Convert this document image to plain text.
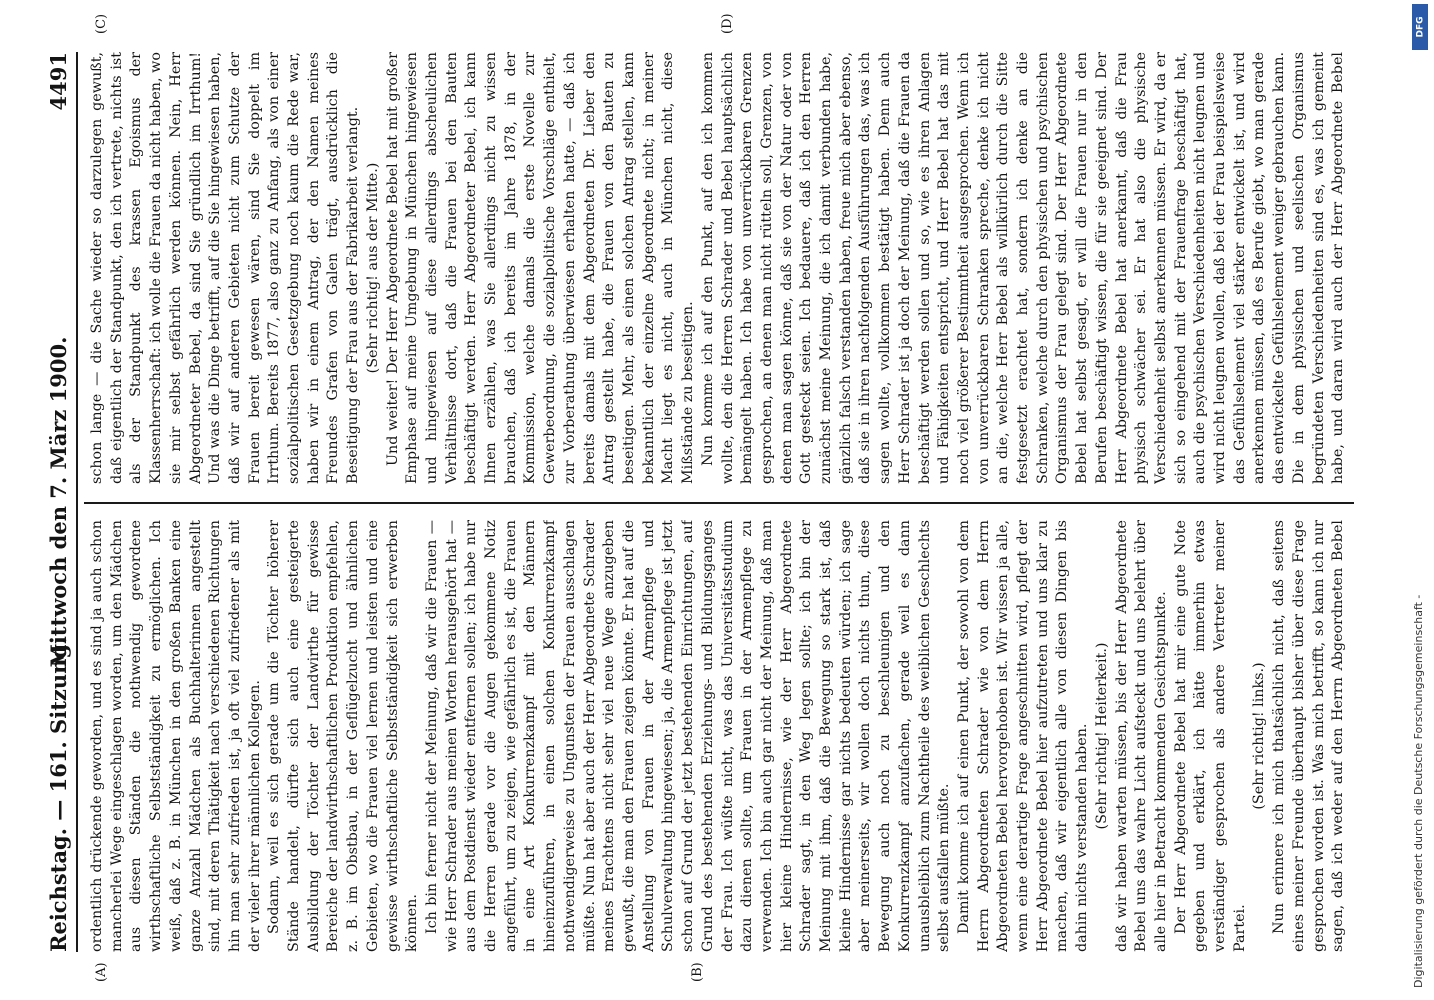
Reichstag. — 161. Sitzung.
Mittwoch den 7. März 1900.
4491
(A)	(B)
(C)	(D)

ordentlich drückende geworden, und es sind ja auch schon mancherlei Wege eingeschlagen worden, um den Mädchen aus diesen Ständen die nothwendig gewordene wirthschaftliche Selbstständigkeit zu ermöglichen. Ich weiß, daß z. B. in München in den großen Banken eine ganze Anzahl Mädchen als Buchhalterinnen angestellt sind, mit deren Thätigkeit nach verschiedenen Richtungen hin man sehr zufrieden ist, ja oft viel zufriedener als mit der vieler ihrer männlichen Kollegen. Sodann, weil es sich gerade um die Töchter höherer Stände handelt, dürfte sich auch eine gesteigerte Ausbildung der Töchter der Landwirthe für gewisse Bereiche der landwirthschaftlichen Produktion empfehlen, z. B. im Obstbau, in der Geflügelzucht und ähnlichen Gebieten, wo die Frauen viel lernen und leisten und eine gewisse wirthschaftliche Selbstständigkeit sich erwerben können. Ich bin ferner nicht der Meinung, daß wir die Frauen — wie Herr Schrader aus meinen Worten herausgehört hat — aus dem Postdienst wieder entfernen sollen; ich habe nur die Herren gerade vor die Augen gekommene Notiz angeführt, um zu zeigen, wie gefährlich es ist, die Frauen in eine Art Konkurrenzkampf mit den Männern hineinzuführen, in einen solchen Konkurrenzkampf nothwendigerweise zu Ungunsten der Frauen ausschlagen müßte. Nun hat aber auch der Herr Abgeordnete Schrader meines Erachtens nicht sehr viel neue Wege anzugeben gewußt, die man den Frauen zeigen könnte. Er hat auf die Anstellung von Frauen in der Armenpflege und Schulverwaltung hingewiesen; ja, die Armenpflege ist jetzt schon auf Grund der jetzt bestehenden Einrichtungen, auf Grund des bestehenden Erziehungs- und Bildungsganges der Frau. Ich wüßte nicht, was das Universitätsstudium dazu dienen sollte, um Frauen in der Armenpflege zu verwenden. Ich bin auch gar nicht der Meinung, daß man hier kleine Hindernisse, wie der Herr Abgeordnete Schrader sagt, in den Weg legen sollte; ich bin der Meinung mit ihm, daß die Bewegung so stark ist, daß kleine Hindernisse gar nichts bedeuten würden; ich sage aber meinerseits, wir wollen doch nichts thun, diese Bewegung auch noch zu beschleunigen und den Konkurrenzkampf anzufachen, gerade weil es dann unausbleiblich zum Nachtheile des weiblichen Geschlechts selbst ausfallen müßte. Damit komme ich auf einen Punkt, der sowohl von dem Herrn Abgeordneten Schrader wie von dem Herrn Abgeordneten Bebel hervorgehoben ist. Wir wissen ja alle, wenn eine derartige Frage angeschnitten wird, pflegt der Herr Abgeordnete Bebel hier aufzutreten und uns klar zu machen, daß wir eigentlich alle von diesen Dingen bis dahin nichts verstanden haben. (Sehr richtig! Heiterkeit.) daß wir haben warten müssen, bis der Herr Abgeordnete Bebel uns das wahre Licht aufsteckt und uns belehrt über alle hier in Betracht kommenden Gesichtspunkte. Der Herr Abgeordnete Bebel hat mir eine gute Note gegeben und erklärt, ich hätte immerhin etwas verständiger gesprochen als andere Vertreter meiner Partei.

(Sehr richtig! links.)

Nun erinnere ich mich thatsächlich nicht, daß seitens eines meiner Freunde überhaupt bisher über diese Frage gesprochen worden ist. Was mich betrifft, so kann ich nur sagen, daß ich weder auf den Herrn Abgeordneten Bebel

schon lange — die Sache wieder so darzulegen gewußt, daß eigentlich der Standpunkt, den ich vertrete, nichts ist als der Standpunkt des krassen Egoismus der Klassenherrschaft: ich wolle die Frauen da nicht haben, wo sie mir selbst gefährlich werden können. Nein, Herr Abgeordneter Bebel, da sind Sie gründlich im Irrthum! Und was die Dinge betrifft, auf die Sie hingewiesen haben, daß wir auf anderen Gebieten nicht zum Schutze der Frauen bereit gewesen wären, sind Sie doppelt im Irrthum. Bereits 1877, also ganz zu Anfang, als von einer sozialpolitischen Gesetzgebung noch kaum die Rede war, haben wir in einem Antrag, der den Namen meines Freundes Grafen von Galen trägt, ausdrücklich die Beseitigung der Frau aus der Fabrikarbeit verlangt. (Sehr richtig! aus der Mitte.) Und weiter! Der Herr Abgeordnete Bebel hat mit großer Emphase auf meine Umgebung in München hingewiesen und hingewiesen auf diese allerdings abscheulichen Verhältnisse dort, daß die Frauen bei den Bauten beschäftigt werden. Herr Abgeordneter Bebel, ich kann Ihnen erzählen, was Sie allerdings nicht zu wissen brauchen, daß ich bereits im Jahre 1878, in der Kommission, welche damals die erste Novelle zur Gewerbeordnung, die sozialpolitische Vorschläge enthielt, zur Vorberathung überwiesen erhalten hatte, — daß ich bereits damals mit dem Abgeordneten Dr. Lieber den Antrag gestellt habe, die Frauen von den Bauten zu beseitigen. Mehr, als einen solchen Antrag stellen, kann bekanntlich der einzelne Abgeordnete nicht; in meiner Macht liegt es nicht, auch in München nicht, diese Mißstände zu beseitigen. Nun komme ich auf den Punkt, auf den ich kommen wollte, den die Herren Schrader und Bebel hauptsächlich bemängelt haben. Ich habe von unverrückbaren Grenzen gesprochen, an denen man nicht rütteln soll, Grenzen, von denen man sagen könne, daß sie von der Natur oder von Gott gesteckt seien. Ich bedauere, daß ich den Herren zunächst meine Meinung, die ich damit verbunden habe, gänzlich falsch verstanden haben, freue mich aber ebenso, daß sie in ihren nachfolgenden Ausführungen das, was ich sagen wollte, vollkommen bestätigt haben. Denn auch Herr Schrader ist ja doch der Meinung, daß die Frauen da beschäftigt werden sollen und so, wie es ihren Anlagen und Fähigkeiten entspricht, und Herr Bebel hat das mit noch viel größerer Bestimmtheit ausgesprochen. Wenn ich von unverrückbaren Schranken spreche, denke ich nicht an die, welche Herr Bebel als willkürlich durch die Sitte festgesetzt erachtet hat, sondern ich denke an die Schranken, welche durch den physischen und psychischen Organismus der Frau gelegt sind. Der Herr Abgeordnete Bebel hat selbst gesagt, er will die Frauen nur in den Berufen beschäftigt wissen, die für sie geeignet sind. Der Herr Abgeordnete Bebel hat anerkannt, daß die Frau physisch schwächer sei. Er hat also die physische Verschiedenheit selbst anerkennen müssen. Er wird, da er sich so eingehend mit der Frauenfrage beschäftigt hat, auch die psychischen Verschiedenheiten nicht leugnen und wird nicht leugnen wollen, daß bei der Frau beispielsweise das Gefühlselement viel stärker entwickelt ist, und wird anerkennen müssen, daß es Berufe giebt, wo man gerade das entwickelte Gefühlselement weniger gebrauchen kann. Die in dem physischen und seelischen Organismus begründeten Verschiedenheiten sind es, was ich gemeint habe, und daran wird auch der Herr Abgeordnete Bebel

Digitalisierung gefördert durch die Deutsche Forschungsgemeinschaft -
DFG
